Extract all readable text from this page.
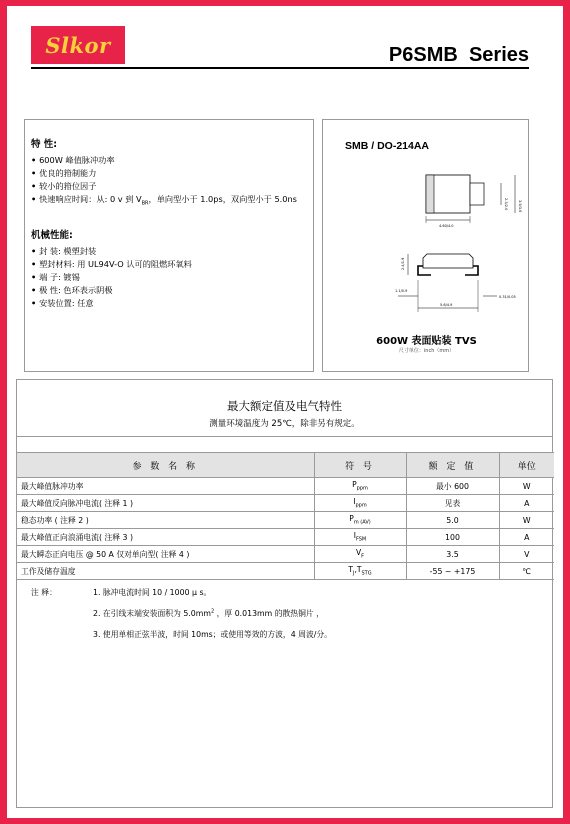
Slkor	P6SMB  Series
特 性:
• 600W 峰值脉冲功率
• 优良的箝制能力
• 较小的箝位因子
• 快速响应时间：从: 0 v 到 $V_{BR}$，单向型小于 1.0ps，双向型小于 5.0ns
机械性能:
• 封 装: 模塑封装
• 塑封材料: 用 UL94V-O 认可的阻燃环氧料
• 端 子: 镀锡
• 极 性: 色环表示阴极
• 安装位置: 任意
SMB / DO-214AA
4.60/4.0
2.3/2.0	3.9/3.6
2.4/1.9
1.1/0.9
5.6/4.9
0.31/0.05
600W 表面贴装 TVS
尺寸单位：inch（mm）
最大额定值及电气特性
测量环境温度为 25℃，除非另有规定。
参 数 名 称	符 号	额 定 值	单位
最大峰值脉冲功率	$P_{ppm}$	最小 600	W
最大峰值反向脉冲电流( 注释 1 )	$I_{ppm}$	见表	A
稳态功率 ( 注释 2 )	$P_{m (AV)}$	5.0	W
最大峰值正向浪涌电流( 注释 3 )	$I_{FSM}$	100	A
最大瞬态正向电压 @ 50 A 仅对单向型( 注释 4 )	$V_F$	3.5	V
工作及储存温度	$T_J,T_{STG}$	-55 ~ +175	℃
注 释：	1. 脉冲电流时间 10 / 1000 μ s。
2. 在引线末端安装面积为 $5.0mm^2$ ，厚 0.013mm 的散热铜片 ，
3. 使用单相正弦半波，时间 10ms；或使用等效的方波，4 周波/分。
